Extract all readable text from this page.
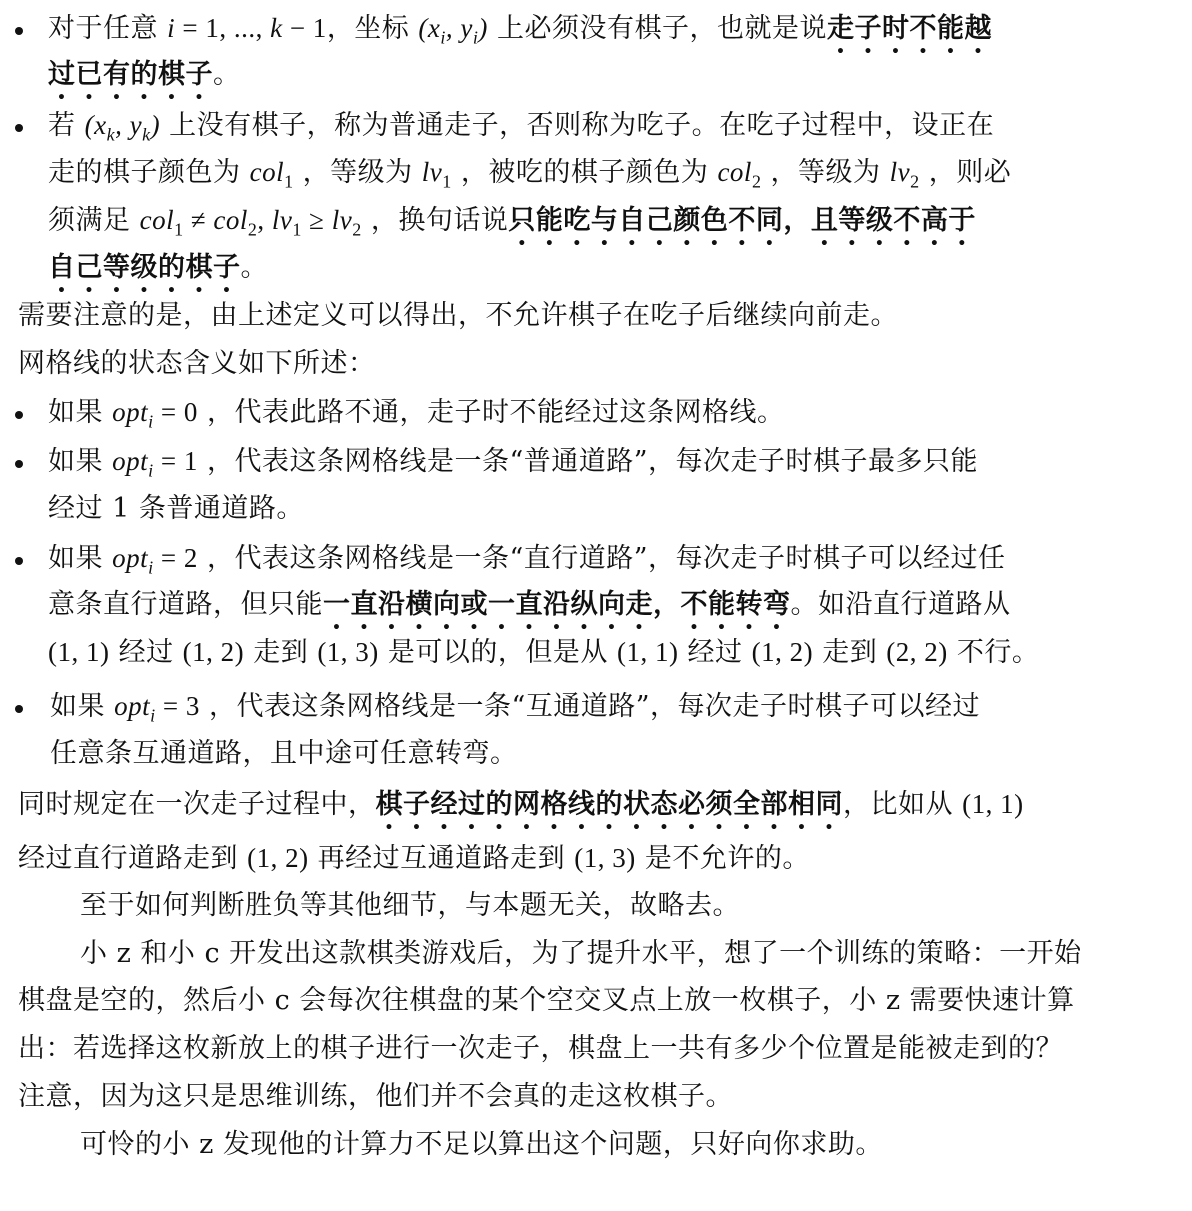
对于任意 i = 1, ..., k − 1，坐标 ($x_i$, $y_i$) 上必须没有棋子，也就是说走子时不能越
过已有的棋子。
若 ($x_k$, $y_k$) 上没有棋子，称为普通走子，否则称为吃子。在吃子过程中，设正在
走的棋子颜色为 col$_1$ ，等级为 $lv_1$ ，被吃的棋子颜色为 col$_2$ ，等级为 $lv_2$ ，则必
须满足 col$_1$ ≠ col$_2$, $lv_1 \ge lv_2$ ，换句话说只能吃与自己颜色不同，且等级不高于
自己等级的棋子。
需要注意的是，由上述定义可以得出，不允许棋子在吃子后继续向前走。
网格线的状态含义如下所述：
如果 opt$_i$ = 0 ，代表此路不通，走子时不能经过这条网格线。
如果 opt$_i$ = 1 ，代表这条网格线是一条“普通道路”，每次走子时棋子最多只能
经过 1 条普通道路。
如果 opt$_i$ = 2 ，代表这条网格线是一条“直行道路”，每次走子时棋子可以经过任
意条直行道路，但只能一直沿横向或一直沿纵向走，不能转弯。如沿直行道路从
(1, 1) 经过 (1, 2) 走到 (1, 3) 是可以的，但是从 (1, 1) 经过 (1, 2) 走到 (2, 2) 不行。
如果 opt$_i$ = 3 ，代表这条网格线是一条“互通道路”，每次走子时棋子可以经过
任意条互通道路，且中途可任意转弯。
同时规定在一次走子过程中，棋子经过的网格线的状态必须全部相同，比如从 (1, 1)
经过直行道路走到 (1, 2) 再经过互通道路走到 (1, 3) 是不允许的。
至于如何判断胜负等其他细节，与本题无关，故略去。
小 z 和小 c 开发出这款棋类游戏后，为了提升水平，想了一个训练的策略：一开始
棋盘是空的，然后小 c 会每次往棋盘的某个空交叉点上放一枚棋子，小 z 需要快速计算
出：若选择这枚新放上的棋子进行一次走子，棋盘上一共有多少个位置是能被走到的？
注意，因为这只是思维训练，他们并不会真的走这枚棋子。
可怜的小 z 发现他的计算力不足以算出这个问题，只好向你求助。
